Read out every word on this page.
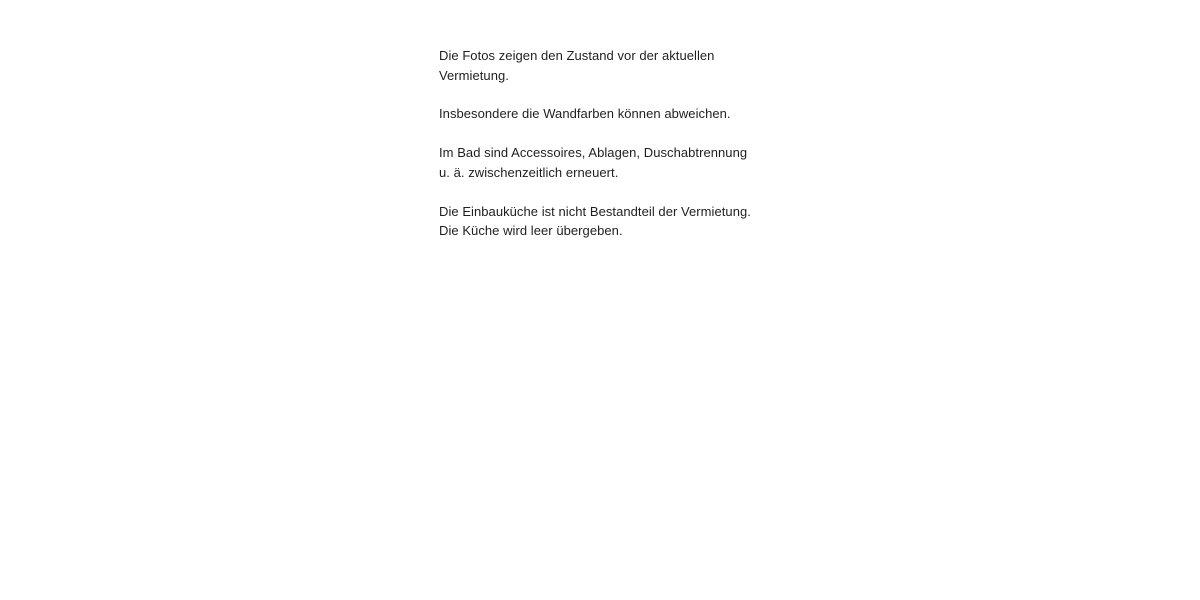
Die Fotos zeigen den Zustand vor der aktuellen Vermietung.

Insbesondere die Wandfarben können abweichen.

Im Bad sind Accessoires, Ablagen, Duschabtrennung u. ä. zwischenzeitlich erneuert.

Die Einbauküche ist nicht Bestandteil der Vermietung. Die Küche wird leer übergeben.
